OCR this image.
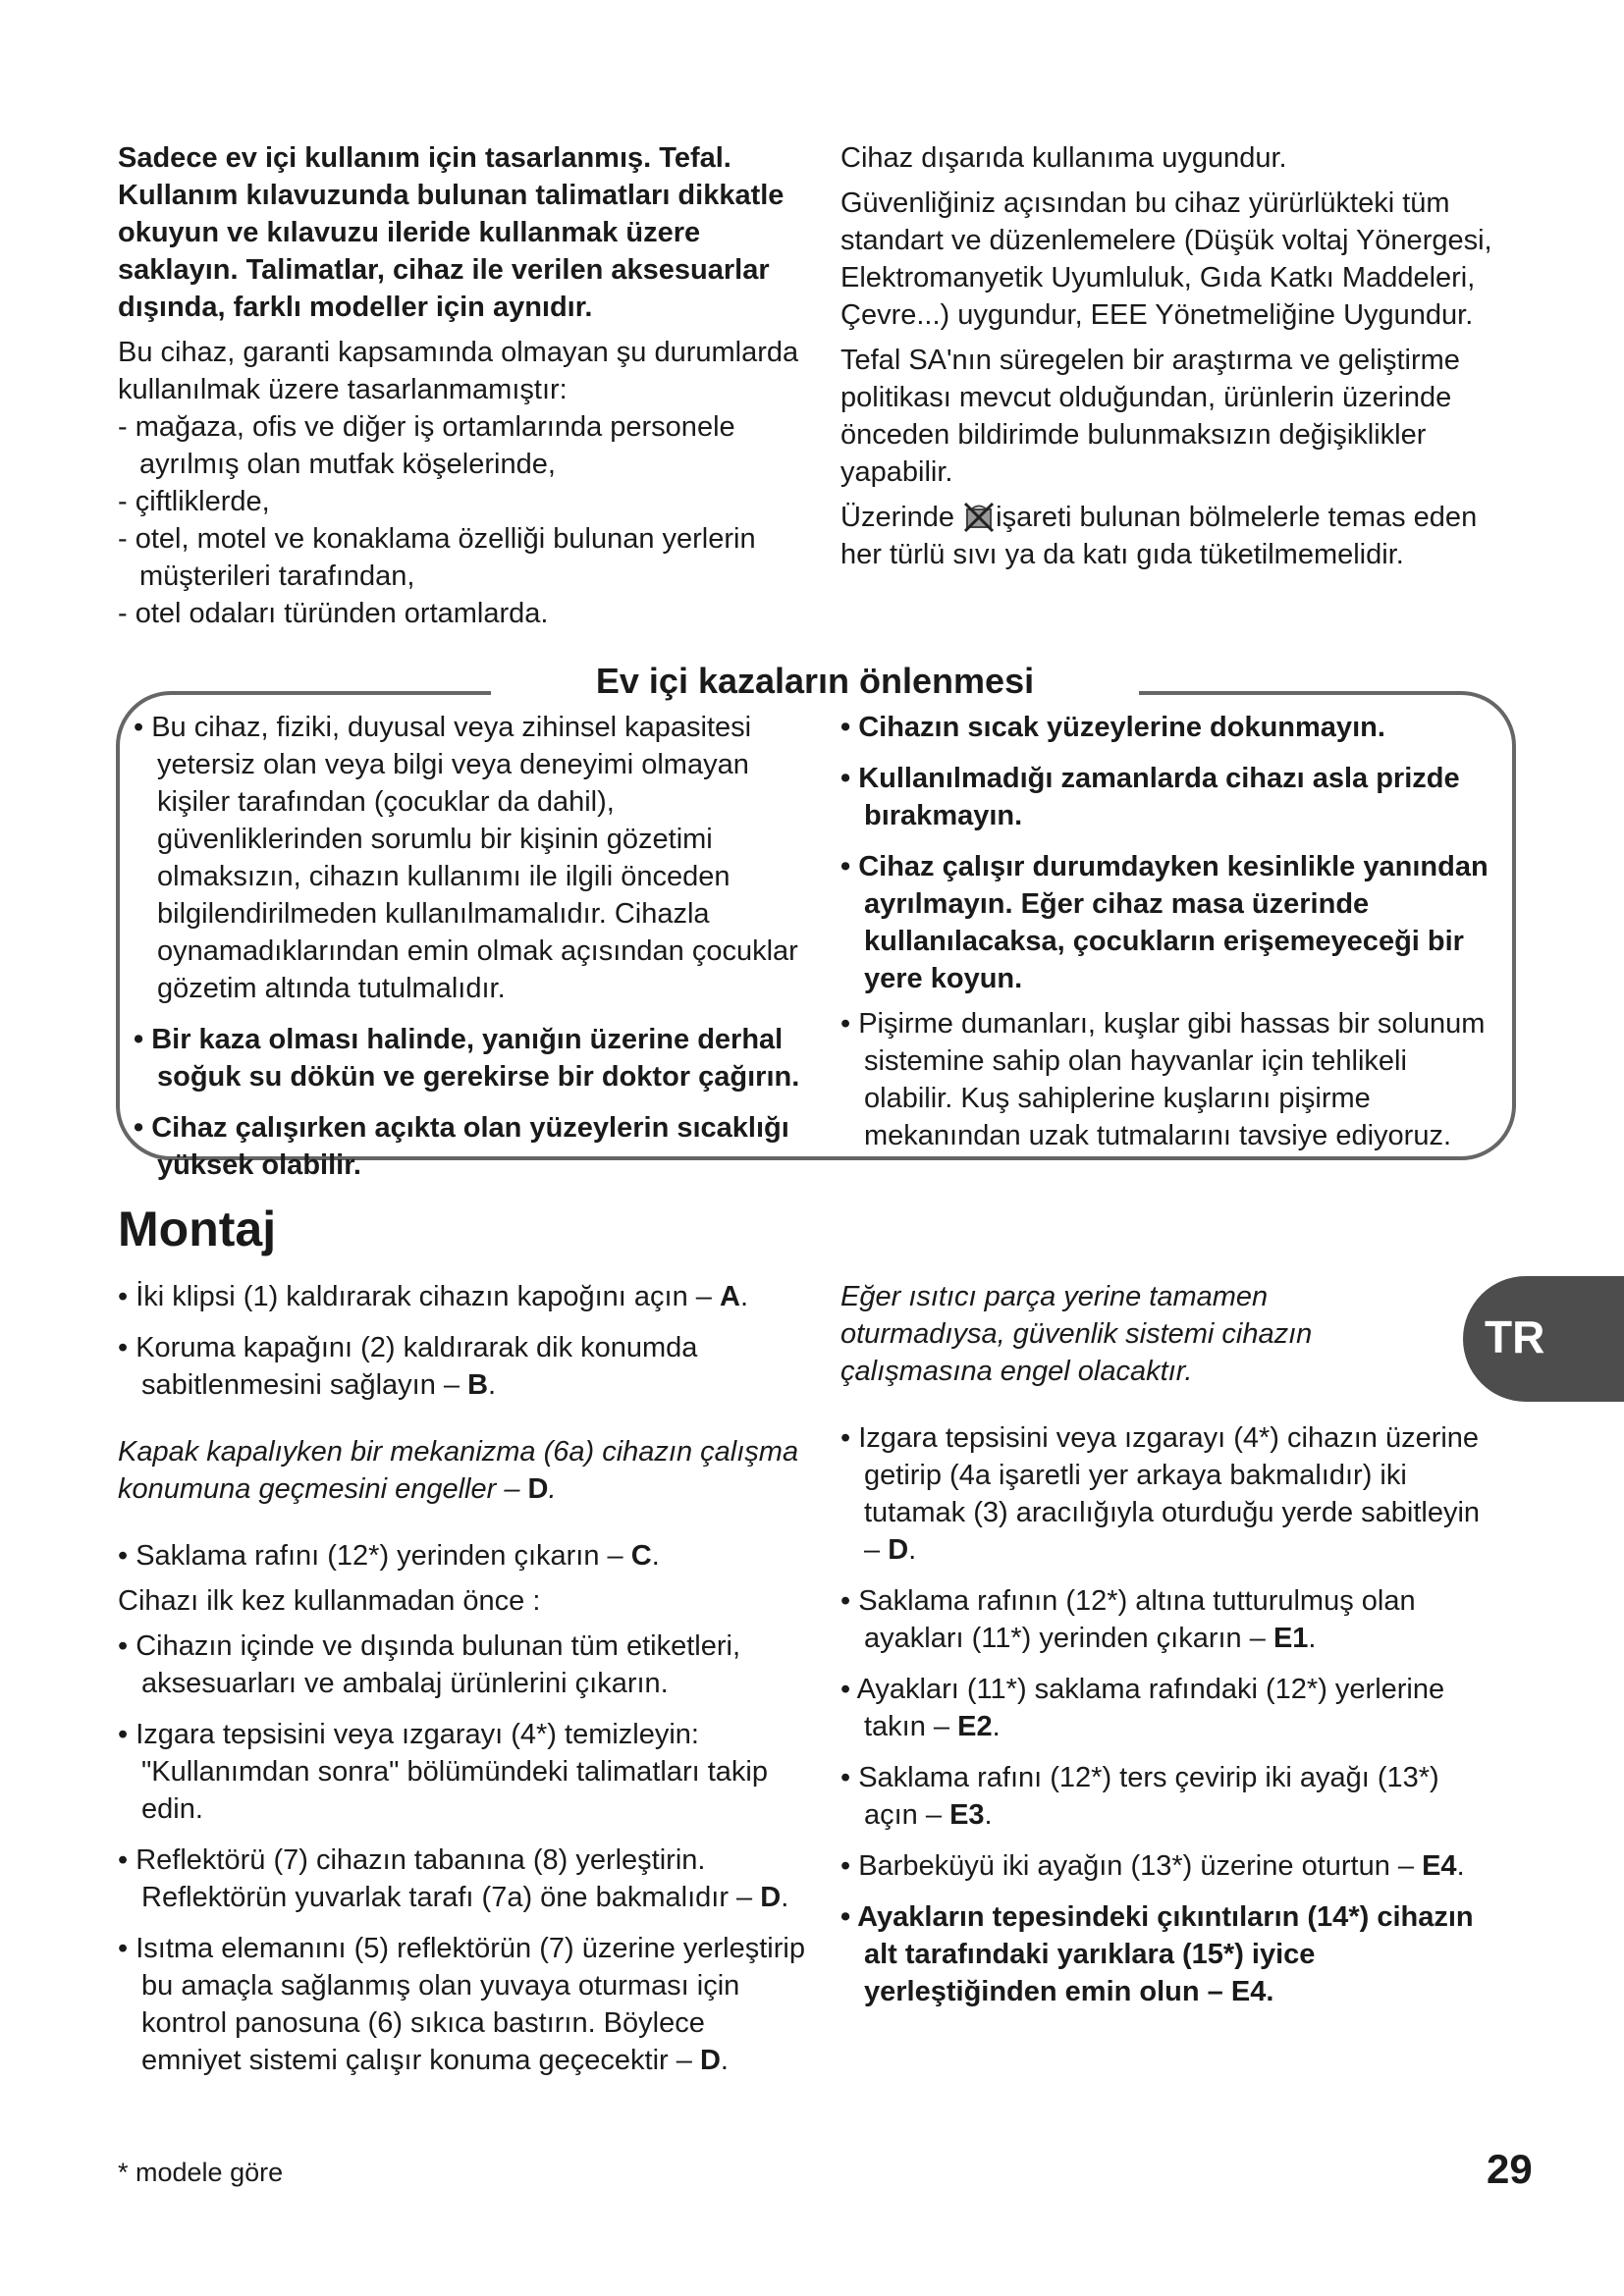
Sadece ev içi kullanım için tasarlanmış. Tefal. Kullanım kılavuzunda bulunan talimatları dikkatle okuyun ve kılavuzu ileride kullanmak üzere saklayın. Talimatlar, cihaz ile verilen aksesuarlar dışında, farklı modeller için aynıdır.

Bu cihaz, garanti kapsamında olmayan şu durumlarda kullanılmak üzere tasarlanmamıştır:

- mağaza, ofis ve diğer iş ortamlarında personele ayrılmış olan mutfak köşelerinde,

- çiftliklerde,

- otel, motel ve konaklama özelliği bulunan yerlerin müşterileri tarafından,

- otel odaları türünden ortamlarda.

Cihaz dışarıda kullanıma uygundur.

Güvenliğiniz açısından bu cihaz yürürlükteki tüm standart ve düzenlemelere (Düşük voltaj Yönergesi, Elektromanyetik Uyumluluk, Gıda Katkı Maddeleri, Çevre...) uygundur, EEE Yönetmeliğine Uygundur.

Tefal SA'nın süregelen bir araştırma ve geliştirme politikası mevcut olduğundan, ürünlerin üzerinde önceden bildirimde bulunmaksızın değişiklikler yapabilir.

Üzerinde işareti bulunan bölmelerle temas eden her türlü sıvı ya da katı gıda tüketilmemelidir.

Ev içi kazaların önlenmesi

• Bu cihaz, fiziki, duyusal veya zihinsel kapasitesi yetersiz olan veya bilgi veya deneyimi olmayan kişiler tarafından (çocuklar da dahil), güvenliklerinden sorumlu bir kişinin gözetimi olmaksızın, cihazın kullanımı ile ilgili önceden bilgilendirilmeden kullanılmamalıdır. Cihazla oynamadıklarından emin olmak açısından çocuklar gözetim altında tutulmalıdır.

• Bir kaza olması halinde, yanığın üzerine derhal soğuk su dökün ve gerekirse bir doktor çağırın.

• Cihaz çalışırken açıkta olan yüzeylerin sıcaklığı yüksek olabilir.

• Cihazın sıcak yüzeylerine dokunmayın.

• Kullanılmadığı zamanlarda cihazı asla prizde bırakmayın.

• Cihaz çalışır durumdayken kesinlikle yanından ayrılmayın. Eğer cihaz masa üzerinde kullanılacaksa, çocukların erişemeyeceği bir yere koyun.

• Pişirme dumanları, kuşlar gibi hassas bir solunum sistemine sahip olan hayvanlar için tehlikeli olabilir. Kuş sahiplerine kuşlarını pişirme mekanından uzak tutmalarını tavsiye ediyoruz.

Montaj

• İki klipsi (1) kaldırarak cihazın kapoğını açın – A.

• Koruma kapağını (2) kaldırarak dik konumda sabitlenmesini sağlayın – B.

Kapak kapalıyken bir mekanizma (6a) cihazın çalışma konumuna geçmesini engeller – D.

• Saklama rafını (12*) yerinden çıkarın – C.

Cihazı ilk kez kullanmadan önce :

• Cihazın içinde ve dışında bulunan tüm etiketleri, aksesuarları ve ambalaj ürünlerini çıkarın.

• Izgara tepsisini veya ızgarayı (4*) temizleyin: "Kullanımdan sonra" bölümündeki talimatları takip edin.

• Reflektörü (7) cihazın tabanına (8) yerleştirin. Reflektörün yuvarlak tarafı (7a) öne bakmalıdır – D.

• Isıtma elemanını (5) reflektörün (7) üzerine yerleştirip bu amaçla sağlanmış olan yuvaya oturması için kontrol panosuna (6) sıkıca bastırın. Böylece emniyet sistemi çalışır konuma geçecektir – D.

Eğer ısıtıcı parça yerine tamamen oturmadıysa, güvenlik sistemi cihazın çalışmasına engel olacaktır.

• Izgara tepsisini veya ızgarayı (4*) cihazın üzerine getirip (4a işaretli yer arkaya bakmalıdır) iki tutamak (3) aracılığıyla oturduğu yerde sabitleyin – D.

• Saklama rafının (12*) altına tutturulmuş olan ayakları (11*) yerinden çıkarın – E1.

• Ayakları (11*) saklama rafındaki (12*) yerlerine takın – E2.

• Saklama rafını (12*) ters çevirip iki ayağı (13*) açın – E3.

• Barbeküyü iki ayağın (13*) üzerine oturtun – E4.

• Ayakların tepesindeki çıkıntıların (14*) cihazın alt tarafındaki yarıklara (15*) iyice yerleştiğinden emin olun – E4.

TR
* modele göre	29
